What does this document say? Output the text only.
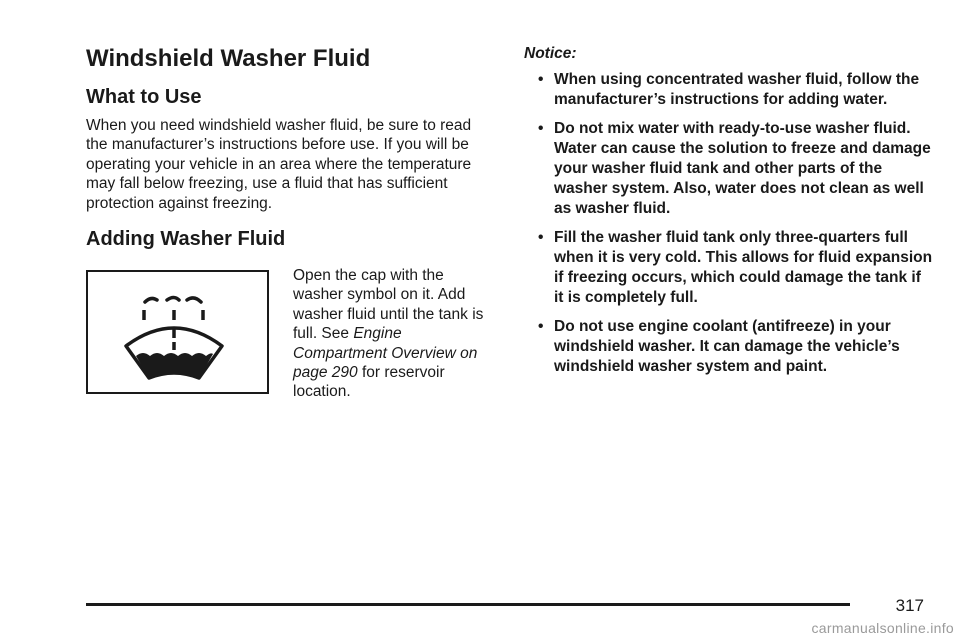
Windshield Washer Fluid
What to Use

When you need windshield washer fluid, be sure to read the manufacturer’s instructions before use. If you will be operating your vehicle in an area where the temperature may fall below freezing, use a fluid that has sufficient protection against freezing.

Adding Washer Fluid
Open the cap with the washer symbol on it. Add washer fluid until the tank is full. See Engine Compartment Overview on page 290 for reservoir location.
Notice:
• When using concentrated washer fluid, follow the manufacturer’s instructions for adding water.
• Do not mix water with ready-to-use washer fluid. Water can cause the solution to freeze and damage your washer fluid tank and other parts of the washer system. Also, water does not clean as well as washer fluid.
• Fill the washer fluid tank only three-quarters full when it is very cold. This allows for fluid expansion if freezing occurs, which could damage the tank if it is completely full.
• Do not use engine coolant (antifreeze) in your windshield washer. It can damage the vehicle’s windshield washer system and paint.
317
carmanualsonline.info
